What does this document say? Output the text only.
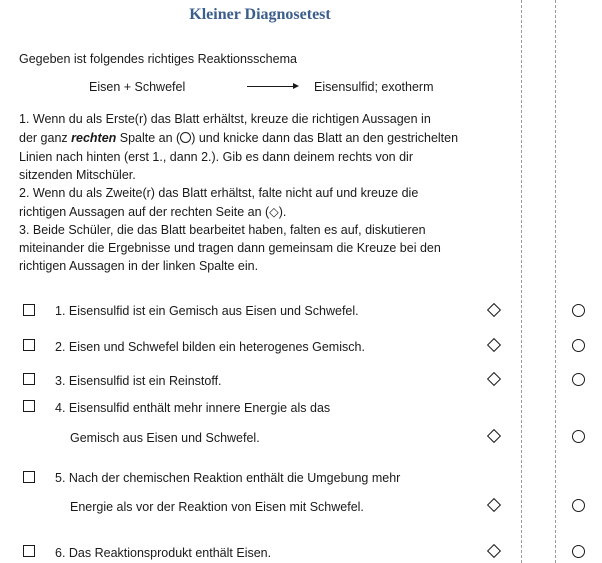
Kleiner Diagnosetest
Gegeben ist folgendes richtiges Reaktionsschema
Eisen + Schwefel	→ Eisensulfid; exotherm
1. Wenn du als Erste(r) das Blatt erhältst, kreuze die richtigen Aussagen in
der ganz rechten Spalte an ( ) und knicke dann das Blatt an den gestrichelten
Linien nach hinten (erst 1., dann 2.). Gib es dann deinem rechts von dir
sitzenden Mitschüler.
2. Wenn du als Zweite(r) das Blatt erhältst, falte nicht auf und kreuze die
richtigen Aussagen auf der rechten Seite an (◇).
3. Beide Schüler, die das Blatt bearbeitet haben, falten es auf, diskutieren
miteinander die Ergebnisse und tragen dann gemeinsam die Kreuze bei den
richtigen Aussagen in der linken Spalte ein.
1. Eisensulfid ist ein Gemisch aus Eisen und Schwefel.
2. Eisen und Schwefel bilden ein heterogenes Gemisch.
3. Eisensulfid ist ein Reinstoff.
4. Eisensulfid enthält mehr innere Energie als das
Gemisch aus Eisen und Schwefel.
5. Nach der chemischen Reaktion enthält die Umgebung mehr
Energie als vor der Reaktion von Eisen mit Schwefel.
6. Das Reaktionsprodukt enthält Eisen.
